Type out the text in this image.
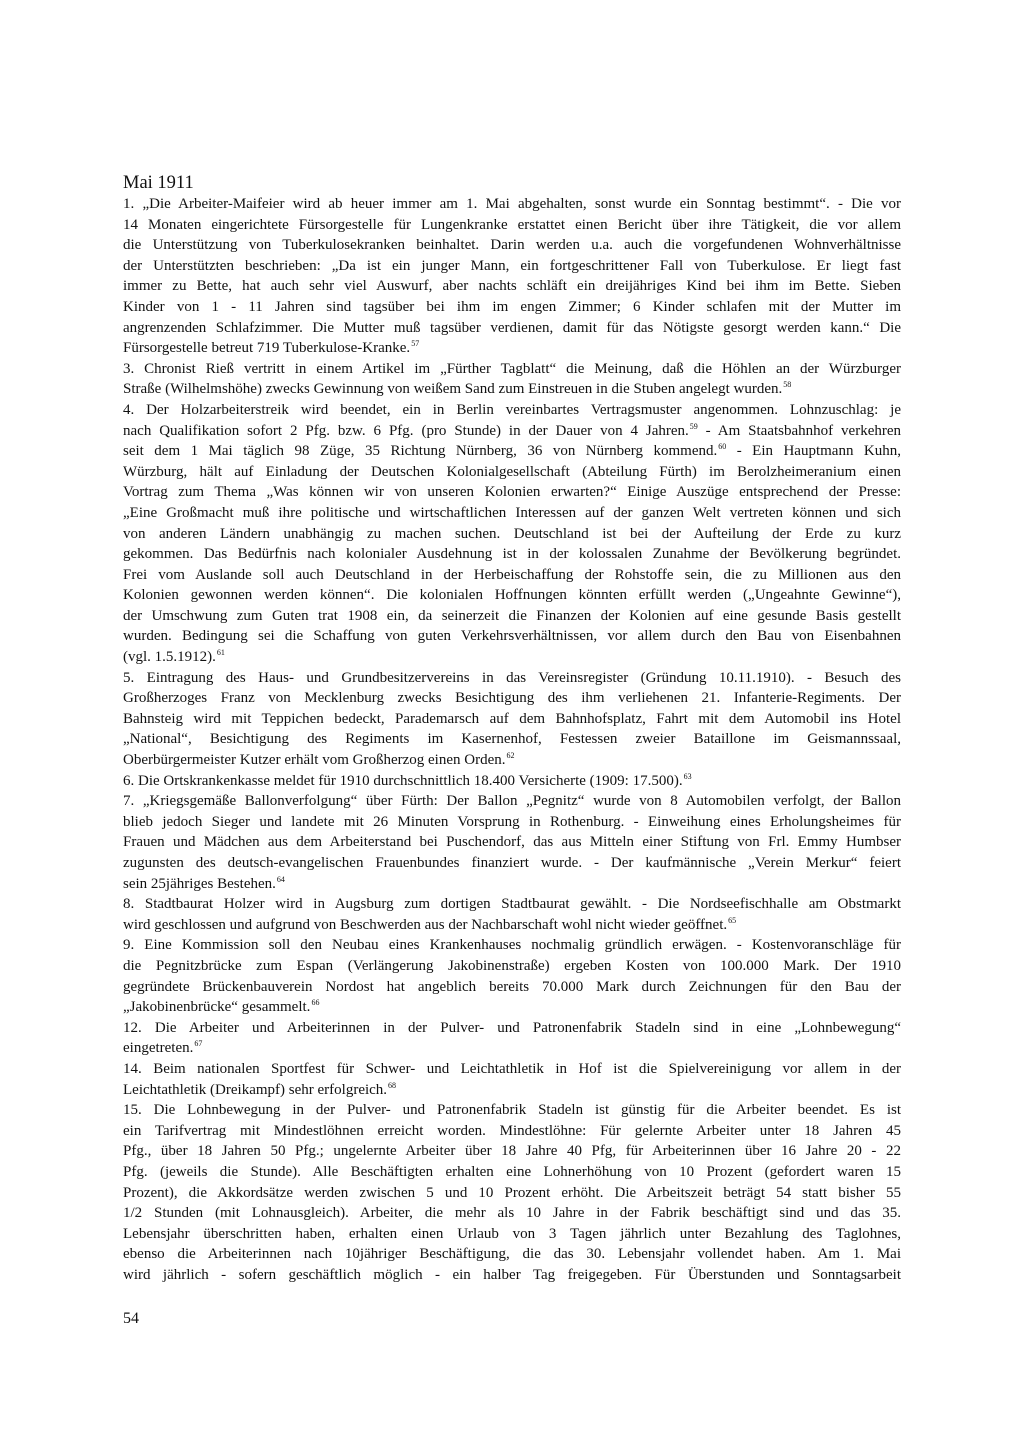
Mai 1911
1. „Die Arbeiter-Maifeier wird ab heuer immer am 1. Mai abgehalten, sonst wurde ein Sonntag bestimmt“. - Die vor
14 Monaten eingerichtete Fürsorgestelle für Lungenkranke erstattet einen Bericht über ihre Tätigkeit, die vor allem
die Unterstützung von Tuberkulosekranken beinhaltet. Darin werden u.a. auch die vorgefundenen Wohnverhältnisse
der Unterstützten beschrieben: „Da ist ein junger Mann, ein fortgeschrittener Fall von Tuberkulose. Er liegt fast
immer zu Bette, hat auch sehr viel Auswurf, aber nachts schläft ein dreijähriges Kind bei ihm im Bette. Sieben
Kinder von 1 - 11 Jahren sind tagsüber bei ihm im engen Zimmer; 6 Kinder schlafen mit der Mutter im
angrenzenden Schlafzimmer. Die Mutter muß tagsüber verdienen, damit für das Nötigste gesorgt werden kann.“ Die
Fürsorgestelle betreut 719 Tuberkulose-Kranke.$^{57}$
3. Chronist Rieß vertritt in einem Artikel im „Fürther Tagblatt“ die Meinung, daß die Höhlen an der Würzburger
Straße (Wilhelmshöhe) zwecks Gewinnung von weißem Sand zum Einstreuen in die Stuben angelegt wurden.$^{58}$
4. Der Holzarbeiterstreik wird beendet, ein in Berlin vereinbartes Vertragsmuster angenommen. Lohnzuschlag: je
nach Qualifikation sofort 2 Pfg. bzw. 6 Pfg. (pro Stunde) in der Dauer von 4 Jahren.$^{59}$ - Am Staatsbahnhof verkehren
seit dem 1 Mai täglich 98 Züge, 35 Richtung Nürnberg, 36 von Nürnberg kommend.$^{60}$ - Ein Hauptmann Kuhn,
Würzburg, hält auf Einladung der Deutschen Kolonialgesellschaft (Abteilung Fürth) im Berolzheimeranium einen
Vortrag zum Thema „Was können wir von unseren Kolonien erwarten?“ Einige Auszüge entsprechend der Presse:
„Eine Großmacht muß ihre politische und wirtschaftlichen Interessen auf der ganzen Welt vertreten können und sich
von anderen Ländern unabhängig zu machen suchen. Deutschland ist bei der Aufteilung der Erde zu kurz
gekommen. Das Bedürfnis nach kolonialer Ausdehnung ist in der kolossalen Zunahme der Bevölkerung begründet.
Frei vom Auslande soll auch Deutschland in der Herbeischaffung der Rohstoffe sein, die zu Millionen aus den
Kolonien gewonnen werden können“. Die kolonialen Hoffnungen könnten erfüllt werden („Ungeahnte Gewinne“),
der Umschwung zum Guten trat 1908 ein, da seinerzeit die Finanzen der Kolonien auf eine gesunde Basis gestellt
wurden. Bedingung sei die Schaffung von guten Verkehrsverhältnissen, vor allem durch den Bau von Eisenbahnen
(vgl. 1.5.1912).$^{61}$
5. Eintragung des Haus- und Grundbesitzervereins in das Vereinsregister (Gründung 10.11.1910). - Besuch des
Großherzoges Franz von Mecklenburg zwecks Besichtigung des ihm verliehenen 21. Infanterie-Regiments. Der
Bahnsteig wird mit Teppichen bedeckt, Parademarsch auf dem Bahnhofsplatz, Fahrt mit dem Automobil ins Hotel
„National“, Besichtigung des Regiments im Kasernenhof, Festessen zweier Bataillone im Geismannssaal,
Oberbürgermeister Kutzer erhält vom Großherzog einen Orden.$^{62}$
6. Die Ortskrankenkasse meldet für 1910 durchschnittlich 18.400 Versicherte (1909: 17.500).$^{63}$
7. „Kriegsgemäße Ballonverfolgung“ über Fürth: Der Ballon „Pegnitz“ wurde von 8 Automobilen verfolgt, der Ballon
blieb jedoch Sieger und landete mit 26 Minuten Vorsprung in Rothenburg. - Einweihung eines Erholungsheimes für
Frauen und Mädchen aus dem Arbeiterstand bei Puschendorf, das aus Mitteln einer Stiftung von Frl. Emmy Humbser
zugunsten des deutsch-evangelischen Frauenbundes finanziert wurde. - Der kaufmännische „Verein Merkur“ feiert
sein 25jähriges Bestehen.$^{64}$
8. Stadtbaurat Holzer wird in Augsburg zum dortigen Stadtbaurat gewählt. - Die Nordseefischhalle am Obstmarkt
wird geschlossen und aufgrund von Beschwerden aus der Nachbarschaft wohl nicht wieder geöffnet.$^{65}$
9. Eine Kommission soll den Neubau eines Krankenhauses nochmalig gründlich erwägen. - Kostenvoranschläge für
die Pegnitzbrücke zum Espan (Verlängerung Jakobinenstraße) ergeben Kosten von 100.000 Mark. Der 1910
gegründete Brückenbauverein Nordost hat angeblich bereits 70.000 Mark durch Zeichnungen für den Bau der
„Jakobinenbrücke“ gesammelt.$^{66}$
12. Die Arbeiter und Arbeiterinnen in der Pulver- und Patronenfabrik Stadeln sind in eine „Lohnbewegung“
eingetreten.$^{67}$
14. Beim nationalen Sportfest für Schwer- und Leichtathletik in Hof ist die Spielvereinigung vor allem in der
Leichtathletik (Dreikampf) sehr erfolgreich.$^{68}$
15. Die Lohnbewegung in der Pulver- und Patronenfabrik Stadeln ist günstig für die Arbeiter beendet. Es ist
ein Tarifvertrag mit Mindestlöhnen erreicht worden. Mindestlöhne: Für gelernte Arbeiter unter 18 Jahren 45
Pfg., über 18 Jahren 50 Pfg.; ungelernte Arbeiter über 18 Jahre 40 Pfg, für Arbeiterinnen über 16 Jahre 20 - 22
Pfg. (jeweils die Stunde). Alle Beschäftigten erhalten eine Lohnerhöhung von 10 Prozent (gefordert waren 15
Prozent), die Akkordsätze werden zwischen 5 und 10 Prozent erhöht. Die Arbeitszeit beträgt 54 statt bisher 55
1/2 Stunden (mit Lohnausgleich). Arbeiter, die mehr als 10 Jahre in der Fabrik beschäftigt sind und das 35.
Lebensjahr überschritten haben, erhalten einen Urlaub von 3 Tagen jährlich unter Bezahlung des Taglohnes,
ebenso die Arbeiterinnen nach 10jähriger Beschäftigung, die das 30. Lebensjahr vollendet haben. Am 1. Mai
wird jährlich - sofern geschäftlich möglich - ein halber Tag freigegeben. Für Überstunden und Sonntagsarbeit
54
